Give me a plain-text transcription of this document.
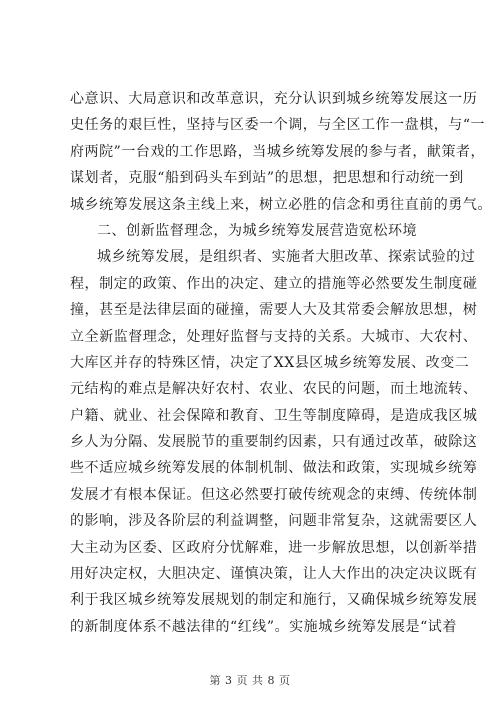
心意识、大局意识和改革意识，充分认识到城乡统筹发展这一历
史任务的艰巨性，坚持与区委一个调，与全区工作一盘棋，与“一
府两院”一台戏的工作思路，当城乡统筹发展的参与者，献策者，
谋划者，克服“船到码头车到站”的思想，把思想和行动统一到
城乡统筹发展这条主线上来，树立必胜的信念和勇往直前的勇气。
二、创新监督理念，为城乡统筹发展营造宽松环境
城乡统筹发展，是组织者、实施者大胆改革、探索试验的过
程，制定的政策、作出的决定、建立的措施等必然要发生制度碰
撞，甚至是法律层面的碰撞，需要人大及其常委会解放思想，树
立全新监督理念，处理好监督与支持的关系。大城市、大农村、
大库区并存的特殊区情，决定了XX县区城乡统筹发展、改变二
元结构的难点是解决好农村、农业、农民的问题，而土地流转、
户籍、就业、社会保障和教育、卫生等制度障碍，是造成我区城
乡人为分隔、发展脱节的重要制约因素，只有通过改革，破除这
些不适应城乡统筹发展的体制机制、做法和政策，实现城乡统筹
发展才有根本保证。但这必然要打破传统观念的束缚、传统体制
的影响，涉及各阶层的利益调整，问题非常复杂，这就需要区人
大主动为区委、区政府分忧解难，进一步解放思想，以创新举措
用好决定权，大胆决定、谨慎决策，让人大作出的决定决议既有
利于我区城乡统筹发展规划的制定和施行，又确保城乡统筹发展
的新制度体系不越法律的“红线”。实施城乡统筹发展是“试着
第 3 页 共 8 页
